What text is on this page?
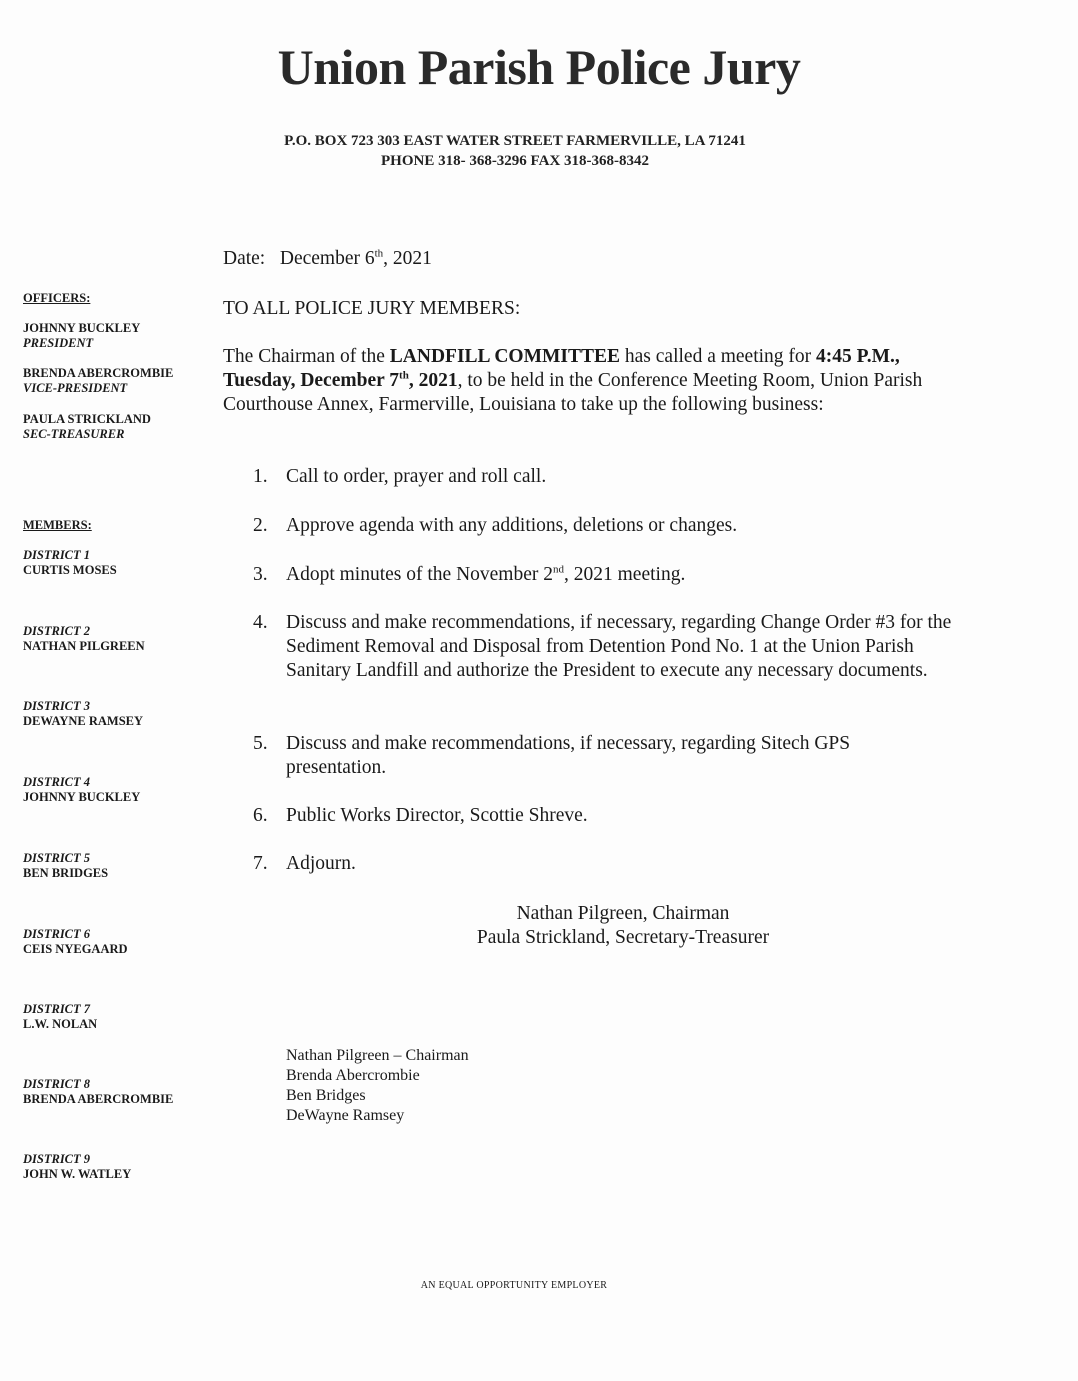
Union Parish Police Jury
P.O. BOX 723 303 EAST WATER STREET FARMERVILLE, LA 71241
PHONE 318- 368-3296 FAX 318-368-8342
OFFICERS:
JOHNNY BUCKLEY
PRESIDENT
BRENDA ABERCROMBIE
VICE-PRESIDENT
PAULA STRICKLAND
SEC-TREASURER
MEMBERS:
DISTRICT 1
CURTIS MOSES
DISTRICT 2
NATHAN PILGREEN
DISTRICT 3
DEWAYNE RAMSEY
DISTRICT 4
JOHNNY BUCKLEY
DISTRICT 5
BEN BRIDGES
DISTRICT 6
CEIS NYEGAARD
DISTRICT 7
L.W. NOLAN
DISTRICT 8
BRENDA ABERCROMBIE
DISTRICT 9
JOHN W. WATLEY
Date: December 6th, 2021
TO ALL POLICE JURY MEMBERS:
The Chairman of the LANDFILL COMMITTEE has called a meeting for 4:45 P.M., Tuesday, December 7th, 2021, to be held in the Conference Meeting Room, Union Parish Courthouse Annex, Farmerville, Louisiana to take up the following business:
1. Call to order, prayer and roll call.
2. Approve agenda with any additions, deletions or changes.
3. Adopt minutes of the November 2nd, 2021 meeting.
4. Discuss and make recommendations, if necessary, regarding Change Order #3 for the Sediment Removal and Disposal from Detention Pond No. 1 at the Union Parish Sanitary Landfill and authorize the President to execute any necessary documents.
5. Discuss and make recommendations, if necessary, regarding Sitech GPS presentation.
6. Public Works Director, Scottie Shreve.
7. Adjourn.
Nathan Pilgreen, Chairman
Paula Strickland, Secretary-Treasurer
Nathan Pilgreen – Chairman
Brenda Abercrombie
Ben Bridges
DeWayne Ramsey
AN EQUAL OPPORTUNITY EMPLOYER
